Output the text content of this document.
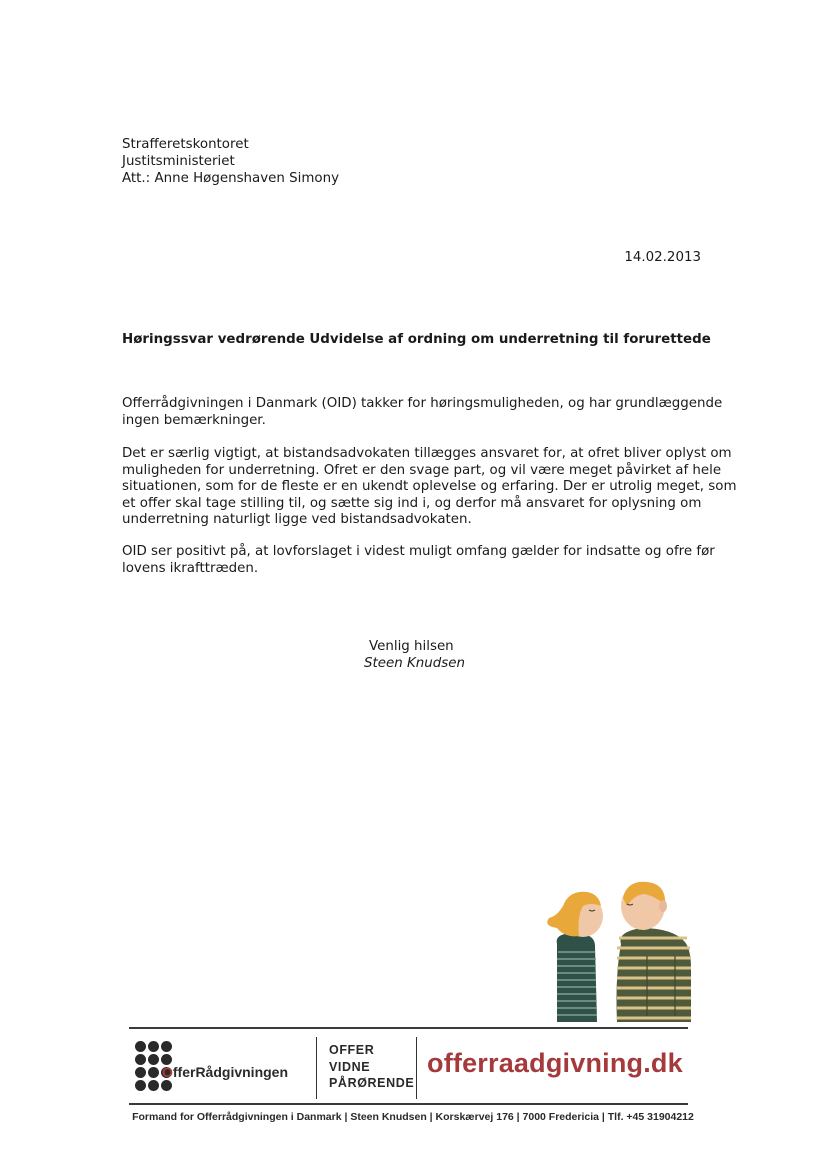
Strafferetskontoret
Justitsministeriet
Att.: Anne Høgenshaven Simony
14.02.2013
Høringssvar vedrørende Udvidelse af ordning om underretning til forurettede

Offerrådgivningen i Danmark (OID) takker for høringsmuligheden, og har grundlæggende
ingen bemærkninger.

Det er særlig vigtigt, at bistandsadvokaten tillægges ansvaret for, at ofret bliver oplyst om
muligheden for underretning. Ofret er den svage part, og vil være meget påvirket af hele
situationen, som for de fleste er en ukendt oplevelse og erfaring. Der er utrolig meget, som
et offer skal tage stilling til, og sætte sig ind i, og derfor må ansvaret for oplysning om
underretning naturligt ligge ved bistandsadvokaten.

OID ser positivt på, at lovforslaget i videst muligt omfang gælder for indsatte og ofre før
lovens ikrafttræden.

Venlig hilsen
Steen Knudsen
OfferRådgivningen
OFFER
VIDNE
PÅRØRENDE
offerraadgivning.dk
Formand for Offerrådgivningen i Danmark | Steen Knudsen | Korskærvej 176 | 7000 Fredericia | Tlf. +45 31904212
